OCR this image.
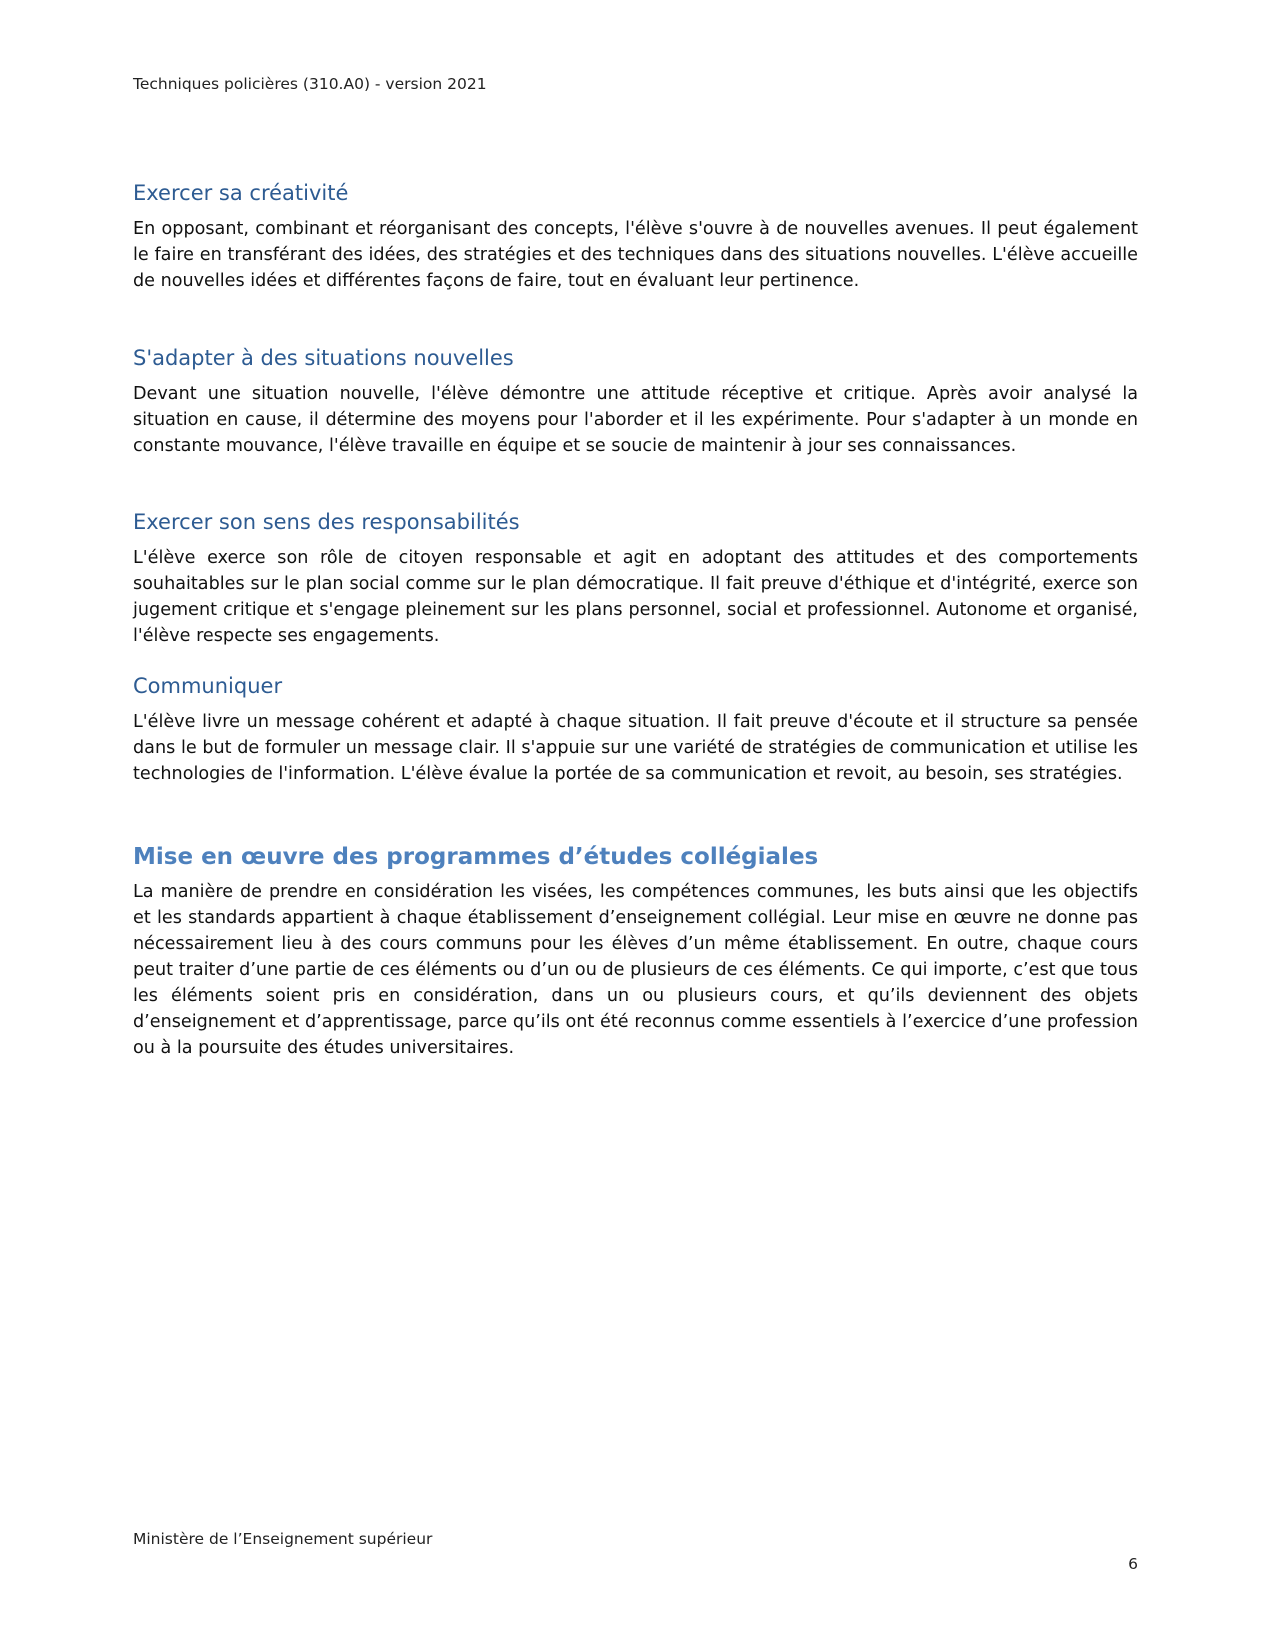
Techniques policières (310.A0) - version 2021
Exercer sa créativité

En opposant, combinant et réorganisant des concepts, l'élève s'ouvre à de nouvelles avenues. Il peut également le faire en transférant des idées, des stratégies et des techniques dans des situations nouvelles. L'élève accueille de nouvelles idées et différentes façons de faire, tout en évaluant leur pertinence.

S'adapter à des situations nouvelles

Devant une situation nouvelle, l'élève démontre une attitude réceptive et critique. Après avoir analysé la situation en cause, il détermine des moyens pour l'aborder et il les expérimente. Pour s'adapter à un monde en constante mouvance, l'élève travaille en équipe et se soucie de maintenir à jour ses connaissances.

Exercer son sens des responsabilités

L'élève exerce son rôle de citoyen responsable et agit en adoptant des attitudes et des comportements souhaitables sur le plan social comme sur le plan démocratique. Il fait preuve d'éthique et d'intégrité, exerce son jugement critique et s'engage pleinement sur les plans personnel, social et professionnel. Autonome et organisé, l'élève respecte ses engagements.

Communiquer

L'élève livre un message cohérent et adapté à chaque situation. Il fait preuve d'écoute et il structure sa pensée dans le but de formuler un message clair. Il s'appuie sur une variété de stratégies de communication et utilise les technologies de l'information. L'élève évalue la portée de sa communication et revoit, au besoin, ses stratégies.

Mise en œuvre des programmes d’études collégiales

La manière de prendre en considération les visées, les compétences communes, les buts ainsi que les objectifs et les standards appartient à chaque établissement d’enseignement collégial. Leur mise en œuvre ne donne pas nécessairement lieu à des cours communs pour les élèves d’un même établissement. En outre, chaque cours peut traiter d’une partie de ces éléments ou d’un ou de plusieurs de ces éléments. Ce qui importe, c’est que tous les éléments soient pris en considération, dans un ou plusieurs cours, et qu’ils deviennent des objets d’enseignement et d’apprentissage, parce qu’ils ont été reconnus comme essentiels à l’exercice d’une profession ou à la poursuite des études universitaires.

Ministère de l’Enseignement supérieur
6
